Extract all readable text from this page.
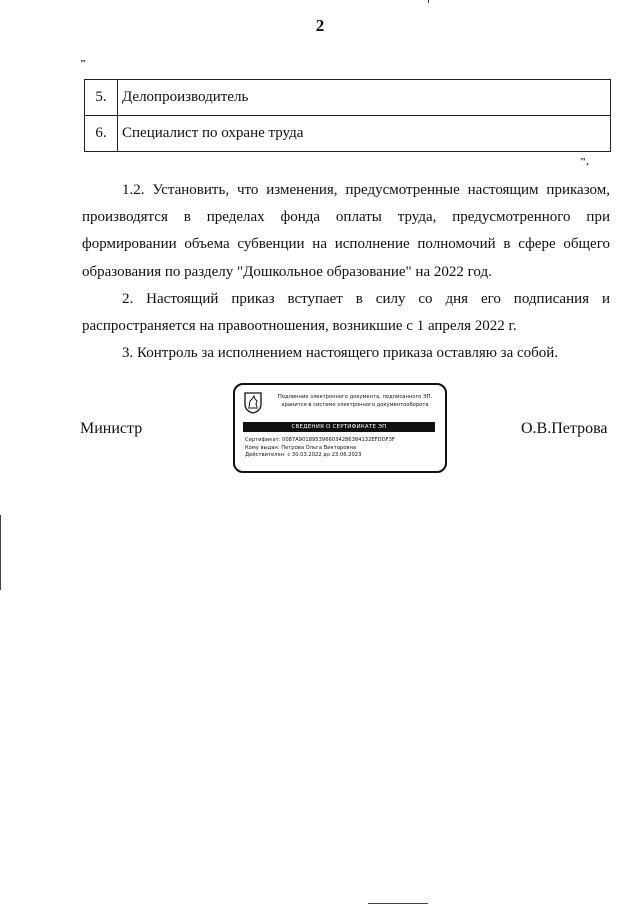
2
"
5.	Делопроизводитель
6.	Специалист по охране труда
".

1.2. Установить, что изменения, предусмотренные настоящим приказом, производятся в пределах фонда оплаты труда, предусмотренного при формировании объема субвенции на исполнение полномочий в сфере общего образования по разделу "Дошкольное образование" на 2022 год.

2. Настоящий приказ вступает в силу со дня его подписания и распространяется на правоотношения, возникшие с 1 апреля 2022 г.

3. Контроль за исполнением настоящего приказа оставляю за собой.

Министр
Подлинник электронного документа, подписанного ЭП,
хранится в системе электронного документооборота
СВЕДЕНИЯ О СЕРТИФИКАТЕ ЭП
Сертификат: 0087A9018953966034286384132EFDDF3F
Кому выдан: Петрова Ольга Викторовна
Действителен: с 30.03.2022 до 23.06.2023
О.В.Петрова
